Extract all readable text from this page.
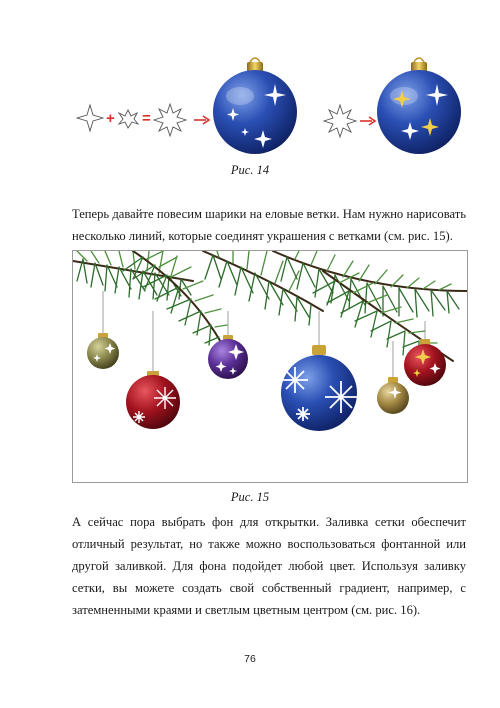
+ =
Рис. 14
Теперь давайте повесим шарики на еловые ветки. Нам нужно нарисовать несколько линий, которые соединят украшения с ветками (см. рис. 15).
Рис. 15
А сейчас пора выбрать фон для открытки. Заливка сетки обеспечит отличный результат, но также можно воспользоваться фонтанной или другой заливкой. Для фона подойдет любой цвет. Используя заливку сетки, вы можете создать свой собственный градиент, например, с затемненными краями и светлым цветным центром (см. рис. 16).
76
